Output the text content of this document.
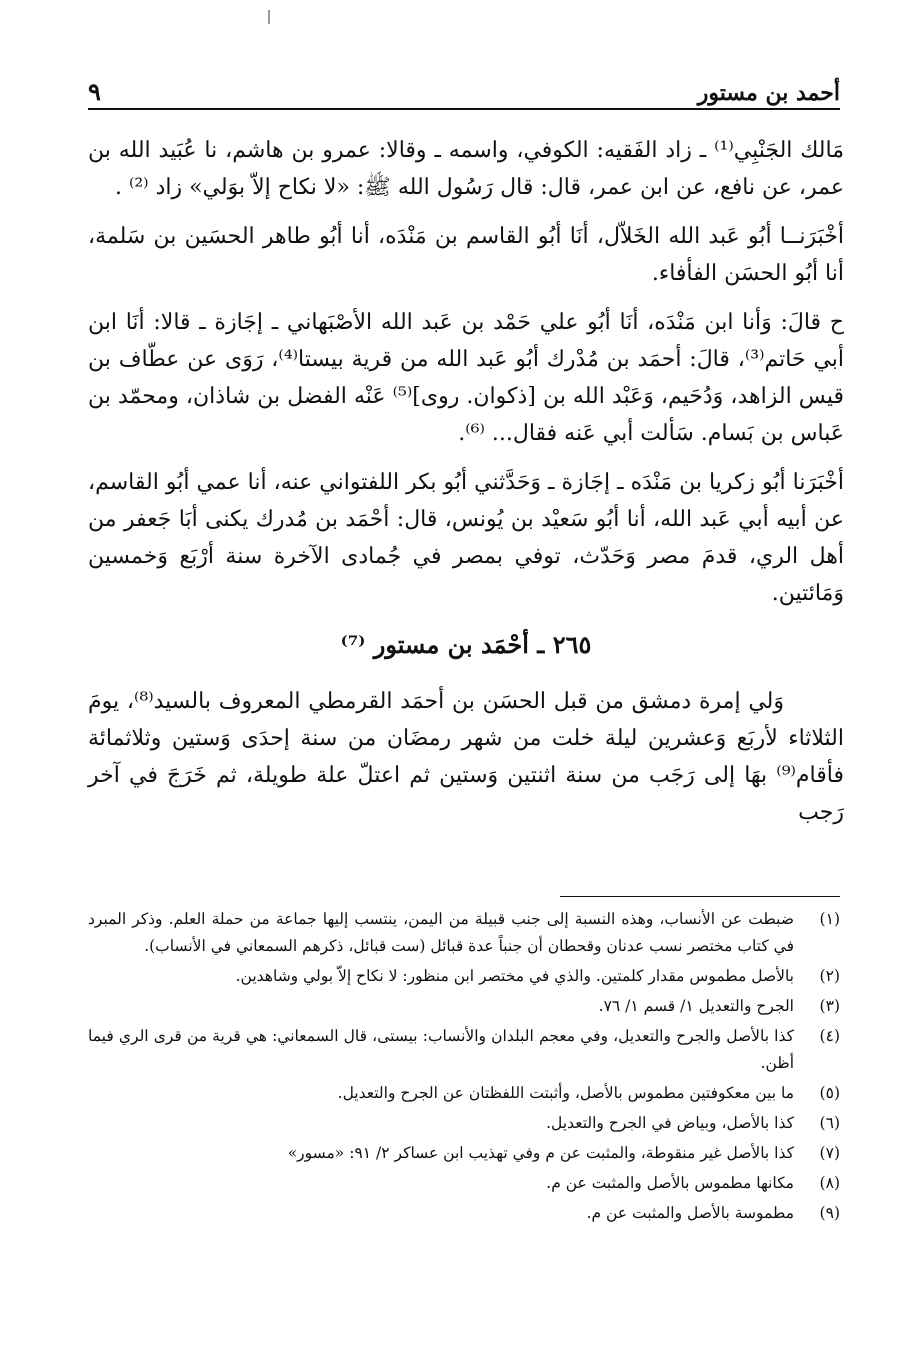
أحمد بن مستور
٩

مَالك الجَنْبِي⁽¹⁾ ـ زاد الفَقيه: الكوفي، واسمه ـ وقالا: عمرو بن هاشم، نا عُبَيد الله بن عمر، عن نافع، عن ابن عمر، قال: قال رَسُول الله ﷺ: «لا نكاح إلاّ بوَلي» زاد ⁽²⁾ .

أخْبَرَنــا أبُو عَبد الله الخَلاّل، أنَا أبُو القاسم بن مَنْدَه، أنا أبُو طاهر الحسَين بن سَلمة، أنا أبُو الحسَن الفأفاء.

ح قالَ: وَأنا ابن مَنْدَه، أنَا أبُو علي حَمْد بن عَبد الله الأصْبَهاني ـ إجَازة ـ قالا: أنَا ابن أبي حَاتم⁽³⁾، قالَ: أحمَد بن مُدْرك أبُو عَبد الله من قرية بيستا⁽⁴⁾، رَوَى عن عطّاف بن قيس الزاهد، وَدُحَيم، وَعَبْد الله بن [ذكوان. روى]⁽⁵⁾ عَنْه الفضل بن شاذان، ومحمّد بن عَباس بن بَسام. سَألت أبي عَنه فقال... ⁽⁶⁾.

أخْبَرَنا أبُو زكريا بن مَنْدَه ـ إجَازة ـ وَحَدَّثني أبُو بكر اللفتواني عنه، أنا عمي أبُو القاسم، عن أبيه أبي عَبد الله، أنا أبُو سَعيْد بن يُونس، قال: أحْمَد بن مُدرك يكنى أبَا جَعفر من أهل الري، قدمَ مصر وَحَدّث، توفي بمصر في جُمادى الآخرة سنة أرْبَع وَخمسين وَمَائتين.

٢٦٥ ـ أحْمَد بن مستور ⁽⁷⁾

وَلي إمرة دمشق من قبل الحسَن بن أحمَد القرمطي المعروف بالسيد⁽⁸⁾، يومَ الثلاثاء لأربَع وَعشرين ليلة خلت من شهر رمضَان من سنة إحدَى وَستين وثلاثمائة فأقام⁽⁹⁾ بهَا إلى رَجَب من سنة اثنتين وَستين ثم اعتلّ علة طويلة، ثم خَرَجَ في آخر رَجب

(١)
ضبطت عن الأنساب، وهذه النسبة إلى جنب قبيلة من اليمن، ينتسب إليها جماعة من حملة العلم. وذكر المبرد في كتاب مختصر نسب عدنان وقحطان أن جنباً عدة قبائل (ست قبائل، ذكرهم السمعاني في الأنساب).
(٢)
بالأصل مطموس مقدار كلمتين. والذي في مختصر ابن منظور: لا نكاح إلاّ بولي وشاهدين.
(٣)
الجرح والتعديل ١/ قسم ١/ ٧٦.
(٤)
كذا بالأصل والجرح والتعديل، وفي معجم البلدان والأنساب: بيستى، قال السمعاني: هي قرية من قرى الري فيما أظن.
(٥)
ما بين معكوفتين مطموس بالأصل، وأثبتت اللفظتان عن الجرح والتعديل.
(٦)
كذا بالأصل، وبياض في الجرح والتعديل.
(٧)
كذا بالأصل غير منقوطة، والمثبت عن م وفي تهذيب ابن عساكر ٢/ ٩١: «مسور»
(٨)
مكانها مطموس بالأصل والمثبت عن م.
(٩)
مطموسة بالأصل والمثبت عن م.
